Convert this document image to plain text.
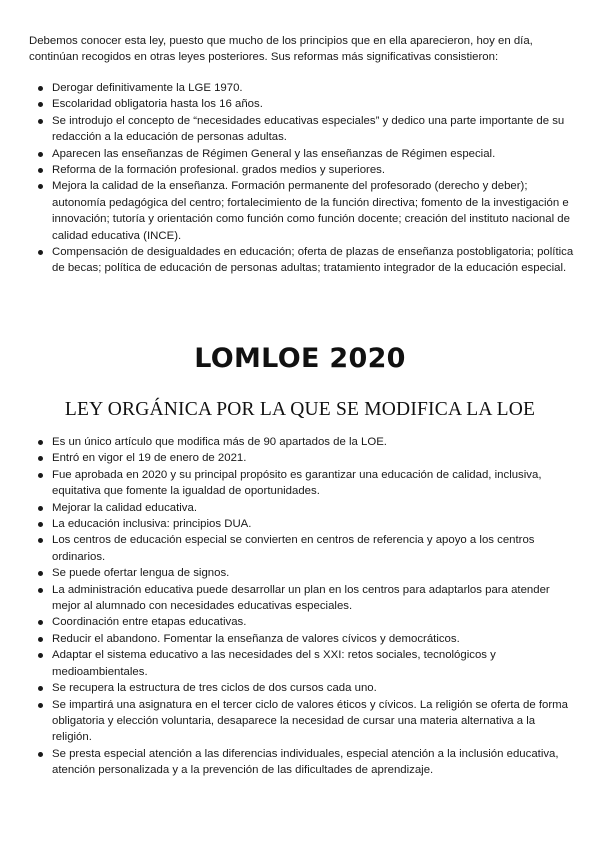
Debemos conocer esta ley, puesto que mucho de los principios que en ella aparecieron, hoy en día, continúan recogidos en otras leyes posteriores. Sus reformas más significativas consistieron:

Derogar definitivamente la LGE 1970.
Escolaridad obligatoria hasta los 16 años.
Se introdujo el concepto de “necesidades educativas especiales” y dedico una parte importante de su redacción a la educación de personas adultas.
Aparecen las enseñanzas de Régimen General y las enseñanzas de Régimen especial.
Reforma de la formación profesional. grados medios y superiores.
Mejora la calidad de la enseñanza. Formación permanente del profesorado (derecho y deber); autonomía pedagógica del centro; fortalecimiento de la función directiva; fomento de la investigación e innovación; tutoría y orientación como función como función docente; creación del instituto nacional de calidad educativa (INCE).
Compensación de desigualdades en educación; oferta de plazas de enseñanza postobligatoria; política de becas; política de educación de personas adultas; tratamiento integrador de la educación especial.
LOMLOE 2020
LEY ORGÁNICA POR LA QUE SE MODIFICA LA LOE
Es un único artículo que modifica más de 90 apartados de la LOE.
Entró en vigor el 19 de enero de 2021.
Fue aprobada en 2020 y su principal propósito es garantizar una educación de calidad, inclusiva, equitativa que fomente la igualdad de oportunidades.
Mejorar la calidad educativa.
La educación inclusiva: principios DUA.
Los centros de educación especial se convierten en centros de referencia y apoyo a los centros ordinarios.
Se puede ofertar lengua de signos.
La administración educativa puede desarrollar un plan en los centros para adaptarlos para atender mejor al alumnado con necesidades educativas especiales.
Coordinación entre etapas educativas.
Reducir el abandono. Fomentar la enseñanza de valores cívicos y democráticos.
Adaptar el sistema educativo a las necesidades del s XXI: retos sociales, tecnológicos y medioambientales.
Se recupera la estructura de tres ciclos de dos cursos cada uno.
Se impartirá una asignatura en el tercer ciclo de valores éticos y cívicos. La religión se oferta de forma obligatoria y elección voluntaria, desaparece la necesidad de cursar una materia alternativa a la religión.
Se presta especial atención a las diferencias individuales, especial atención a la inclusión educativa, atención personalizada y a la prevención de las dificultades de aprendizaje.
